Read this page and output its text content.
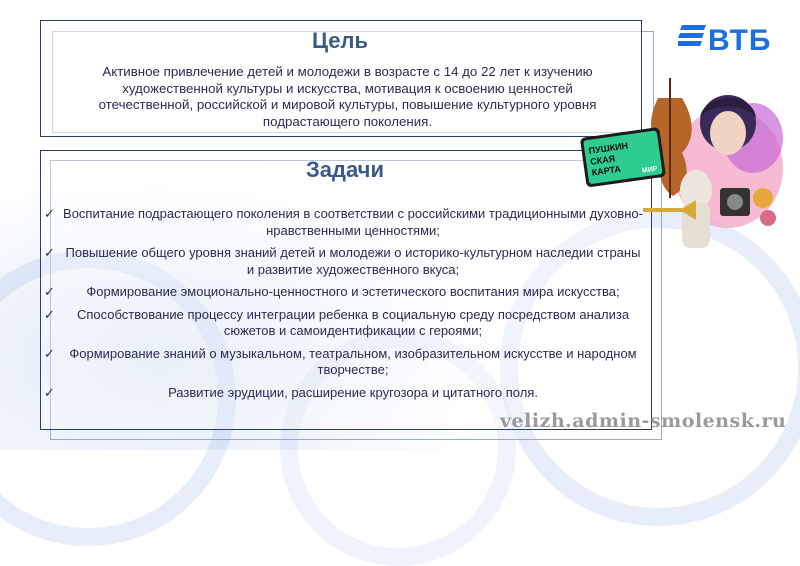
Цель
Активное привлечение детей и молодежи в возрасте с 14 до 22 лет к изучению художественной культуры и искусства, мотивация к освоению ценностей отечественной, российской и мировой культуры, повышение культурного уровня подрастающего поколения.
Задачи
✓ Воспитание подрастающего поколения в соответствии с российскими традиционными духовно-нравственными ценностями;
✓ Повышение общего уровня знаний детей и молодежи о историко-культурном наследии страны и развитие художественного вкуса;
✓ Формирование эмоционально-ценностного и эстетического воспитания мира искусства;
✓ Способствование процессу интеграции ребенка в социальную среду посредством анализа сюжетов и самоидентификации с героями;
✓ Формирование знаний о музыкальном, театральном, изобразительном искусстве и народном творчестве;
✓	Развитие эрудиции, расширение кругозора и цитатного поля.
ВТБ
ПУШКИН
СКАЯ
КАРТА	МИР
velizh.admin-smolensk.ru
